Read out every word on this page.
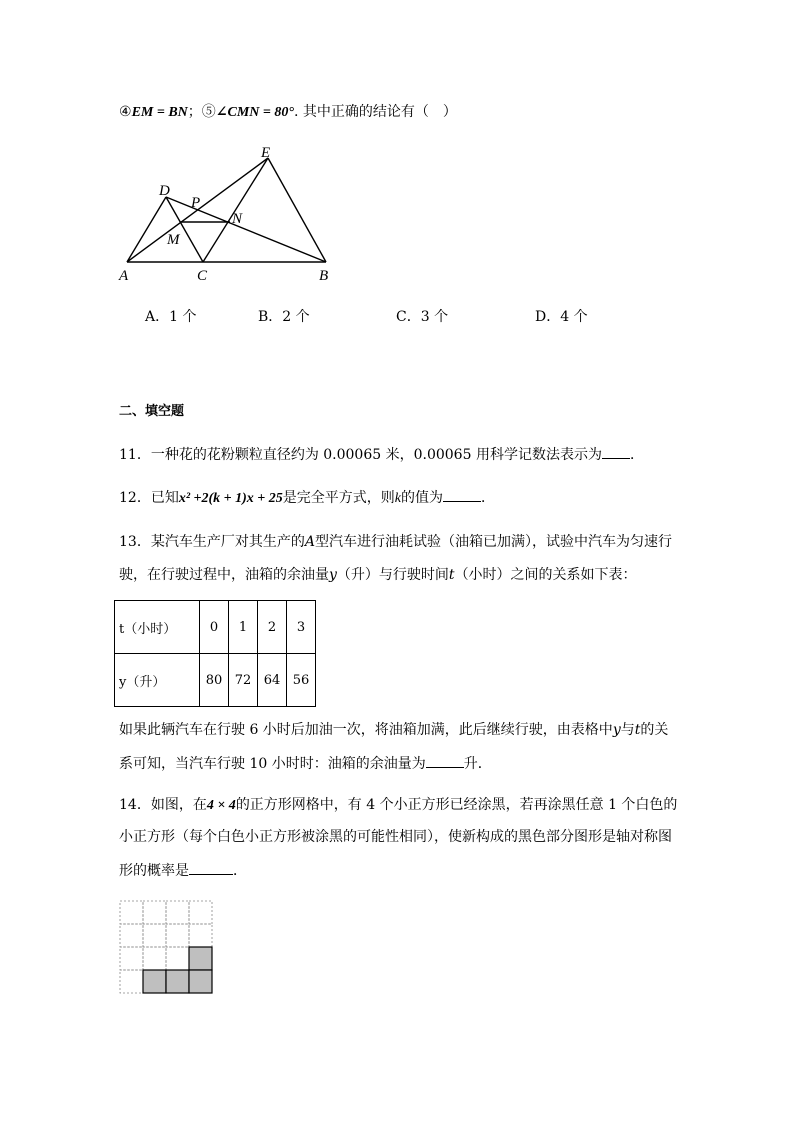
④EM = BN；⑤∠CMN = 80°. 其中正确的结论有（　）
A	C	B
D
E
P
N
M
A．1 个	B．2 个	C．3 个	D．4 个
二、填空题
11．一种花的花粉颗粒直径约为 0.00065 米，0.00065 用科学记数法表示为 ．
12．已知x² +2(k + 1)x + 25是完全平方式，则k的值为	．
13．某汽车生产厂对其生产的A型汽车进行油耗试验（油箱已加满），试验中汽车为匀速行
驶，在行驶过程中，油箱的余油量y（升）与行驶时间t（小时）之间的关系如下表：
t（小时）	0	1	2	3
y（升）	80	72	64	56
如果此辆汽车在行驶 6 小时后加油一次，将油箱加满，此后继续行驶，由表格中y与t的关
系可知，当汽车行驶 10 小时时：油箱的余油量为	升．
14．如图，在4 × 4的正方形网格中，有 4 个小正方形已经涂黑，若再涂黑任意 1 个白色的
小正方形（每个白色小正方形被涂黑的可能性相同），使新构成的黑色部分图形是轴对称图
形的概率是	．
